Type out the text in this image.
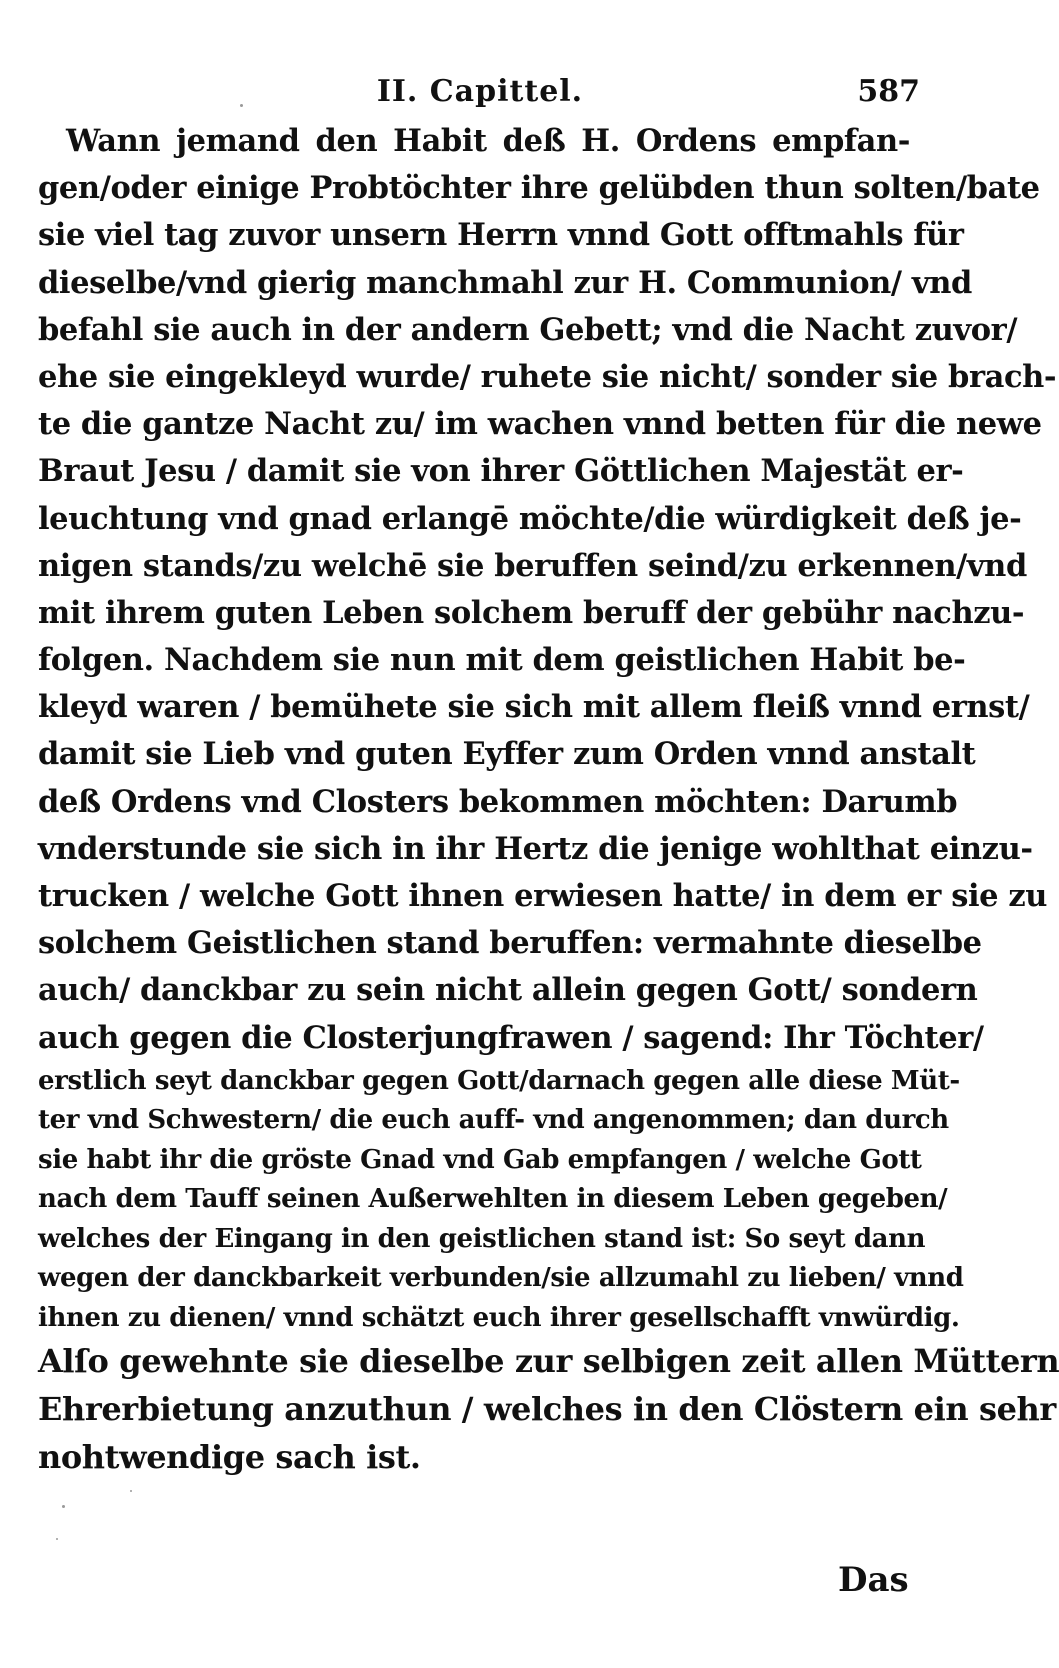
II. Capittel.	587
Wann jemand den Habit deß H. Ordens empfan-
gen/oder einige Probtöchter ihre gelübden thun solten/bate
sie viel tag zuvor unsern Herrn vnnd Gott offtmahls für
dieselbe/vnd gierig manchmahl zur H. Communion/ vnd
befahl sie auch in der andern Gebett; vnd die Nacht zuvor/
ehe sie eingekleyd wurde/ ruhete sie nicht/ sonder sie brach-
te die gantze Nacht zu/ im wachen vnnd betten für die newe
Braut Jesu / damit sie von ihrer Göttlichen Majestät er-
leuchtung vnd gnad erlangē möchte/die würdigkeit deß je-
nigen stands/zu welchē sie beruffen seind/zu erkennen/vnd
mit ihrem guten Leben solchem beruff der gebühr nachzu-
folgen. Nachdem sie nun mit dem geistlichen Habit be-
kleyd waren / bemühete sie sich mit allem fleiß vnnd ernst/
damit sie Lieb vnd guten Eyffer zum Orden vnnd anstalt
deß Ordens vnd Closters bekommen möchten: Darumb
vnderstunde sie sich in ihr Hertz die jenige wohlthat einzu-
trucken / welche Gott ihnen erwiesen hatte/ in dem er sie zu
solchem Geistlichen stand beruffen: vermahnte dieselbe
auch/ danckbar zu sein nicht allein gegen Gott/ sondern
auch gegen die Closterjungfrawen / sagend: Ihr Töchter/
erstlich seyt danckbar gegen Gott/darnach gegen alle diese Müt-
ter vnd Schwestern/ die euch auff- vnd angenommen; dan durch
sie habt ihr die gröste Gnad vnd Gab empfangen / welche Gott
nach dem Tauff seinen Außerwehlten in diesem Leben gegeben/
welches der Eingang in den geistlichen stand ist: So seyt dann
wegen der danckbarkeit verbunden/sie allzumahl zu lieben/ vnnd
ihnen zu dienen/ vnnd schätzt euch ihrer gesellschafft vnwürdig.
Alſo gewehnte sie dieselbe zur selbigen zeit allen Müttern
Ehrerbietung anzuthun / welches in den Clöstern ein sehr
nohtwendige sach ist.
Das
